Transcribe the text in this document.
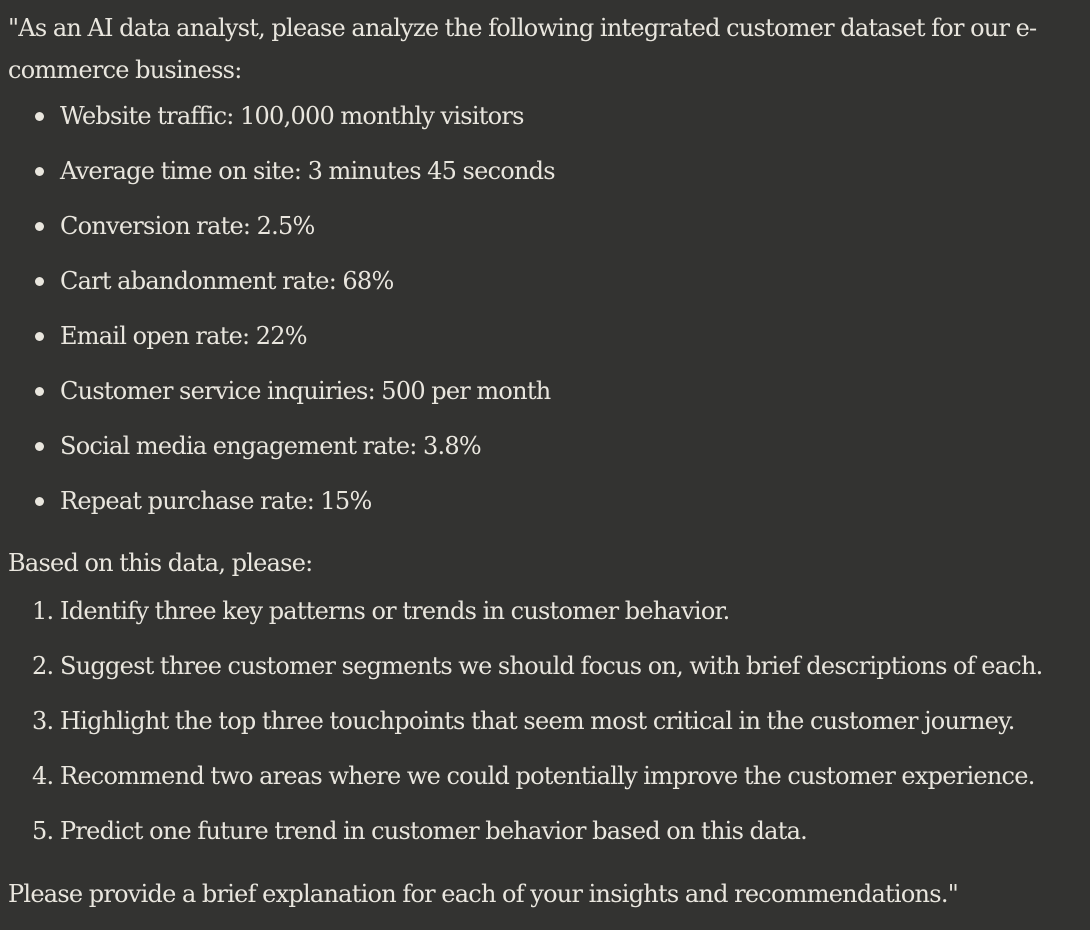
"As an AI data analyst, please analyze the following integrated customer dataset for our e-commerce business:

Website traffic: 100,000 monthly visitors
Average time on site: 3 minutes 45 seconds
Conversion rate: 2.5%
Cart abandonment rate: 68%
Email open rate: 22%
Customer service inquiries: 500 per month
Social media engagement rate: 3.8%
Repeat purchase rate: 15%

Based on this data, please:

1. Identify three key patterns or trends in customer behavior.
2. Suggest three customer segments we should focus on, with brief descriptions of each.
3. Highlight the top three touchpoints that seem most critical in the customer journey.
4. Recommend two areas where we could potentially improve the customer experience.
5. Predict one future trend in customer behavior based on this data.

Please provide a brief explanation for each of your insights and recommendations."
